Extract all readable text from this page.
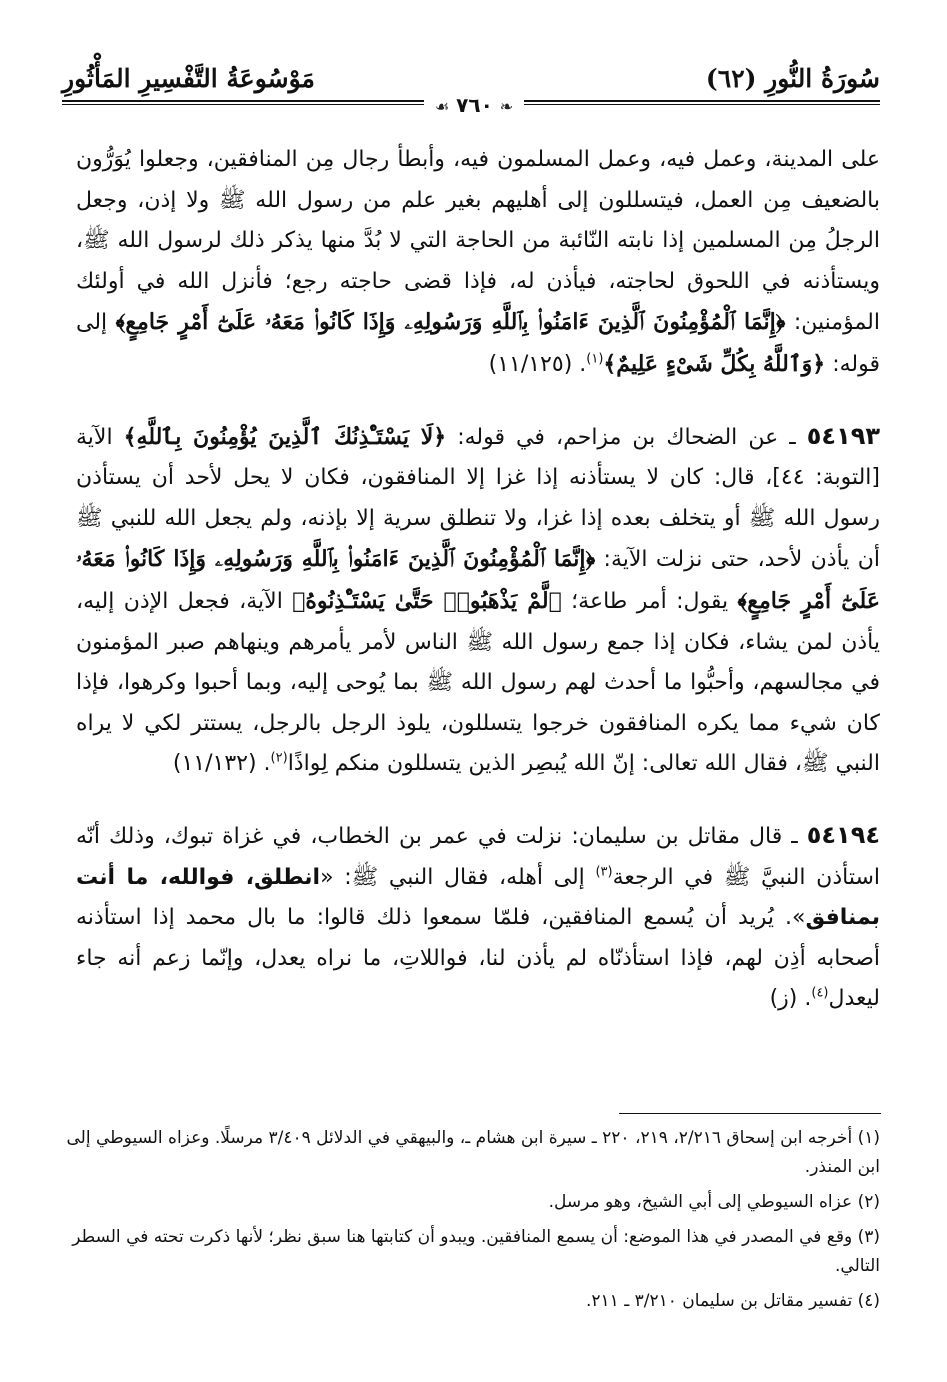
سُورَةُ النُّورِ (٦٢)
مَوْسُوعَةُ التَّفْسِيرِ المَأْثُورِ
❧ ٧٦٠ ☙

على المدينة، وعمل فيه، وعمل المسلمون فيه، وأبطأ رجال مِن المنافقين، وجعلوا يُوَرُّون بالضعيف مِن العمل، فيتسللون إلى أهليهم بغير علم من رسول الله ﷺ ولا إذن، وجعل الرجلُ مِن المسلمين إذا نابته النّائبة من الحاجة التي لا بُدَّ منها يذكر ذلك لرسول الله ﷺ، ويستأذنه في اللحوق لحاجته، فيأذن له، فإذا قضى حاجته رجع؛ فأنزل الله في أولئك المؤمنين: ﴿إِنَّمَا ٱلْمُؤْمِنُونَ ٱلَّذِينَ ءَامَنُوا۟ بِٱللَّهِ وَرَسُولِهِۦ وَإِذَا كَانُوا۟ مَعَهُۥ عَلَىٰٓ أَمْرٍ جَامِعٍ﴾ إلى قوله: ﴿وَٱللَّهُ بِكُلِّ شَىْءٍ عَلِيمٌ﴾$^{(١)}$. (١١/١٢٥)

٥٤١٩٣ ـ عن الضحاك بن مزاحم، في قوله: ﴿لَا يَسْتَـْٔذِنُكَ ٱلَّذِينَ يُؤْمِنُونَ بِٱللَّهِ﴾ الآية [التوبة: ٤٤]، قال: كان لا يستأذنه إذا غزا إلا المنافقون، فكان لا يحل لأحد أن يستأذن رسول الله ﷺ أو يتخلف بعده إذا غزا، ولا تنطلق سرية إلا بإذنه، ولم يجعل الله للنبي ﷺ أن يأذن لأحد، حتى نزلت الآية: ﴿إِنَّمَا ٱلْمُؤْمِنُونَ ٱلَّذِينَ ءَامَنُوا۟ بِٱللَّهِ وَرَسُولِهِۦ وَإِذَا كَانُوا۟ مَعَهُۥ عَلَىٰٓ أَمْرٍ جَامِعٍ﴾ يقول: أمر طاعة؛ ﴿لَّمْ يَذْهَبُوا۟ حَتَّىٰ يَسْتَـْٔذِنُوهُ﴾ الآية، فجعل الإذن إليه، يأذن لمن يشاء، فكان إذا جمع رسول الله ﷺ الناس لأمر يأمرهم وينهاهم صبر المؤمنون في مجالسهم، وأحبُّوا ما أحدث لهم رسول الله ﷺ بما يُوحى إليه، وبما أحبوا وكرهوا، فإذا كان شيء مما يكره المنافقون خرجوا يتسللون، يلوذ الرجل بالرجل، يستتر لكي لا يراه النبي ﷺ، فقال الله تعالى: إنّ الله يُبصِر الذين يتسللون منكم لِواذًا$^{(٢)}$. (١١/١٣٢)

٥٤١٩٤ ـ قال مقاتل بن سليمان: نزلت في عمر بن الخطاب، في غزاة تبوك، وذلك أنّه استأذن النبيَّ ﷺ في الرجعة$^{(٣)}$ إلى أهله، فقال النبي ﷺ: «انطلق، فوالله، ما أنت بمنافق». يُريد أن يُسمع المنافقين، فلمّا سمعوا ذلك قالوا: ما بال محمد إذا استأذنه أصحابه أذِن لهم، فإذا استأذنّاه لم يأذن لنا، فواللاتِ، ما نراه يعدل، وإنّما زعم أنه جاء ليعدل$^{(٤)}$. (ز)

(١) أخرجه ابن إسحاق ٢/٢١٦، ٢١٩، ٢٢٠ ـ سيرة ابن هشام ـ، والبيهقي في الدلائل ٣/٤٠٩ مرسلًا. وعزاه السيوطي إلى ابن المنذر.

(٢) عزاه السيوطي إلى أبي الشيخ، وهو مرسل.

(٣) وقع في المصدر في هذا الموضع: أن يسمع المنافقين. ويبدو أن كتابتها هنا سبق نظر؛ لأنها ذكرت تحته في السطر التالي.

(٤) تفسير مقاتل بن سليمان ٣/٢١٠ ـ ٢١١.
